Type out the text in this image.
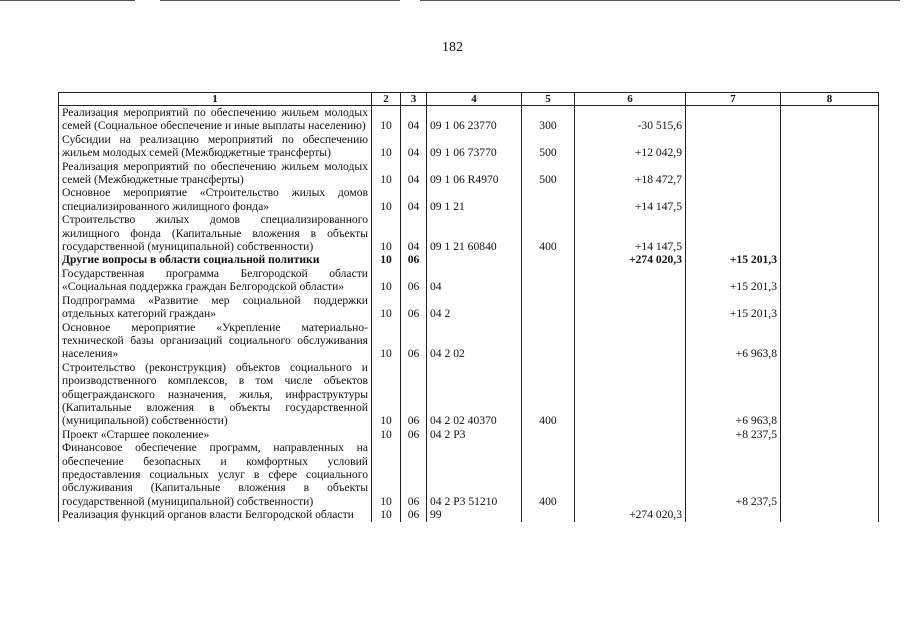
182
1	2	3	4	5	6	7	8
Реализация мероприятий по обеспечению жильем молодых семей (Социальное обеспечение и иные выплаты населению)	10	04	09 1 06 23770	300	-30 515,6		
Субсидии на реализацию мероприятий по обеспечению жильем молодых семей (Межбюджетные трансферты)	10	04	09 1 06 73770	500	+12 042,9		
Реализация мероприятий по обеспечению жильем молодых семей (Межбюджетные трансферты)	10	04	09 1 06 R4970	500	+18 472,7		
Основное мероприятие «Строительство жилых домов специализированного жилищного фонда»	10	04	09 1 21		+14 147,5		
Строительство жилых домов специализированного жилищного фонда (Капитальные вложения в объекты государственной (муниципальной) собственности)	10	04	09 1 21 60840	400	+14 147,5		
Другие вопросы в области социальной политики	10	06			+274 020,3	+15 201,3	
Государственная программа Белгородской области «Социальная поддержка граждан Белгородской области»	10	06	04			+15 201,3	
Подпрограмма «Развитие мер социальной поддержки отдельных категорий граждан»	10	06	04 2			+15 201,3	
Основное мероприятие «Укрепление материально-технической базы организаций социального обслуживания населения»	10	06	04 2 02			+6 963,8	
Строительство (реконструкция) объектов социального и производственного комплексов, в том числе объектов общегражданского назначения, жилья, инфраструктуры (Капитальные вложения в объекты государственной (муниципальной) собственности)	10	06	04 2 02 40370	400		+6 963,8	
Проект «Старшее поколение»	10	06	04 2 P3			+8 237,5	
Финансовое обеспечение программ, направленных на обеспечение безопасных и комфортных условий предоставления социальных услуг в сфере социального обслуживания (Капитальные вложения в объекты государственной (муниципальной) собственности)	10	06	04 2 P3 51210	400		+8 237,5	
Реализация функций органов власти Белгородской области	10	06	99		+274 020,3		
